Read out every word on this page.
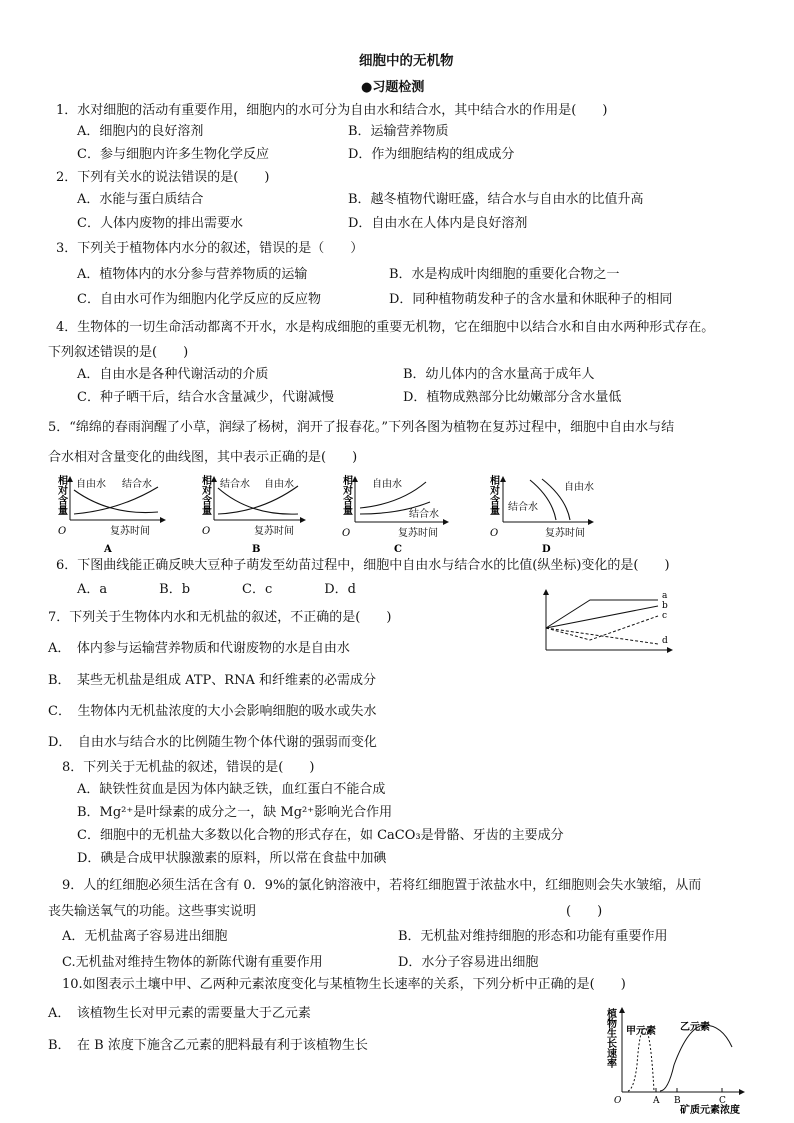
细胞中的无机物
●习题检测
1．水对细胞的活动有重要作用，细胞内的水可分为自由水和结合水，其中结合水的作用是(　　)
A．细胞内的良好溶剂	B．运输营养物质
C．参与细胞内许多生物化学反应	D．作为细胞结构的组成成分
2．下列有关水的说法错误的是(　　)
A．水能与蛋白质结合	B．越冬植物代谢旺盛，结合水与自由水的比值升高
C．人体内废物的排出需要水	D．自由水在人体内是良好溶剂
3．下列关于植物体内水分的叙述，错误的是（　　）
A．植物体内的水分参与营养物质的运输	B．水是构成叶肉细胞的重要化合物之一
C．自由水可作为细胞内化学反应的反应物	D．同种植物萌发种子的含水量和休眠种子的相同
4．生物体的一切生命活动都离不开水，水是构成细胞的重要无机物，它在细胞中以结合水和自由水两种形式存在。
下列叙述错误的是(　　)
A．自由水是各种代谢活动的介质	B．幼儿体内的含水量高于成年人
C．种子晒干后，结合水含量减少，代谢减慢	D．植物成熟部分比幼嫩部分含水量低
5．“绵绵的春雨润醒了小草，润绿了杨树，润开了报春花。”下列各图为植物在复苏过程中，细胞中自由水与结
合水相对含量变化的曲线图，其中表示正确的是(　　)
自由水 结合水
复苏时间
O
相对含量
A
结合水 自由水
复苏时间
O
相对含量
B
自由水
结合水
复苏时间
O
相对含量
C
结合水
自由水
复苏时间
O
相对含量
D
6．下图曲线能正确反映大豆种子萌发至幼苗过程中，细胞中自由水与结合水的比值(纵坐标)变化的是(　　)
A．a　　　　B．b　　　　C．c　　　　D．d	a
b
c
d
7．下列关于生物体内水和无机盐的叙述，不正确的是(　　)
A．　体内参与运输营养物质和代谢废物的水是自由水
B．　某些无机盐是组成 ATP、RNA 和纤维素的必需成分
C．　生物体内无机盐浓度的大小会影响细胞的吸水或失水
D．　自由水与结合水的比例随生物个体代谢的强弱而变化
8．下列关于无机盐的叙述，错误的是(　　)
A．缺铁性贫血是因为体内缺乏铁，血红蛋白不能合成
B．Mg²⁺是叶绿素的成分之一，缺 Mg²⁺影响光合作用
C．细胞中的无机盐大多数以化合物的形式存在，如 CaCO₃是骨骼、牙齿的主要成分
D．碘是合成甲状腺激素的原料，所以常在食盐中加碘
9．人的红细胞必须生活在含有 0．9%的氯化钠溶液中，若将红细胞置于浓盐水中，红细胞则会失水皱缩，从而
丧失输送氧气的功能。这些事实说明	(　　)
A．无机盐离子容易进出细胞	B．无机盐对维持细胞的形态和功能有重要作用
C.无机盐对维持生物体的新陈代谢有重要作用	D．水分子容易进出细胞
10.如图表示土壤中甲、乙两种元素浓度变化与某植物生长速率的关系，下列分析中正确的是(　　)
A．　该植物生长对甲元素的需要量大于乙元素
B．　在 B 浓度下施含乙元素的肥料最有利于该植物生长
植物生长速率
甲元素 乙元素
A B	C
O
矿质元素浓度
